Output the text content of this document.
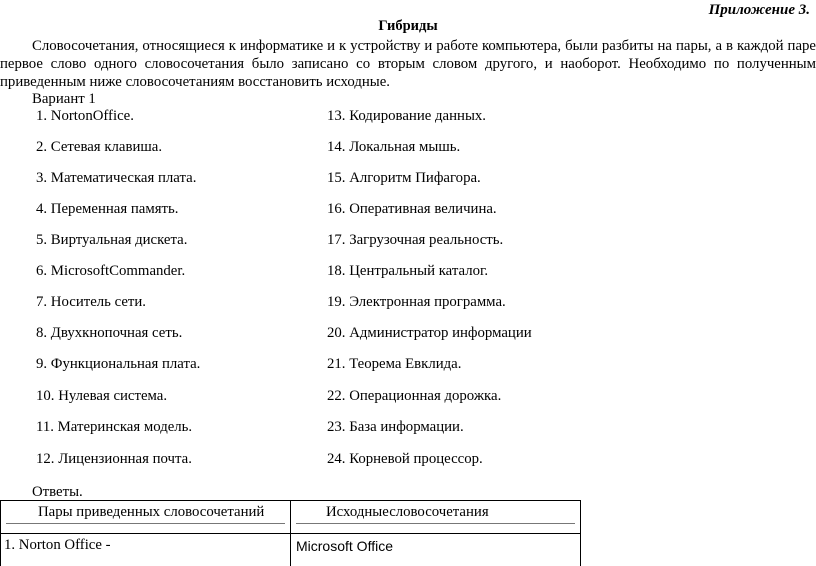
Приложение 3.
Гибриды

Словосочетания, относящиеся к информатике и к устройству и работе компьютера, были разбиты на пары, а в каждой паре первое слово одного словосочетания было записано со вторым словом другого, и наоборот. Необходимо по полученным приведенным ниже словосочетаниям восстановить исходные.

Вариант 1
1. NortonOffice.
2. Сетевая клавиша.
3. Математическая плата.
4. Переменная память.
5. Виртуальная дискета.
6. MicrosoftCommander.
7. Носитель сети.
8. Двухкнопочная сеть.
9. Функциональная плата.
10. Нулевая система.
11. Материнская модель.
12. Лицензионная почта.
13. Кодирование данных.
14. Локальная мышь.
15. Алгоритм Пифагора.
16. Оперативная величина.
17. Загрузочная реальность.
18. Центральный каталог.
19. Электронная программа.
20. Администратор информации
21. Теорема Евклида.
22. Операционная дорожка.
23. База информации.
24. Корневой процессор.
Ответы.
Пары приведенных словосочетаний	Исходныесловосочетания
1. Norton Office -	Microsoft Office
